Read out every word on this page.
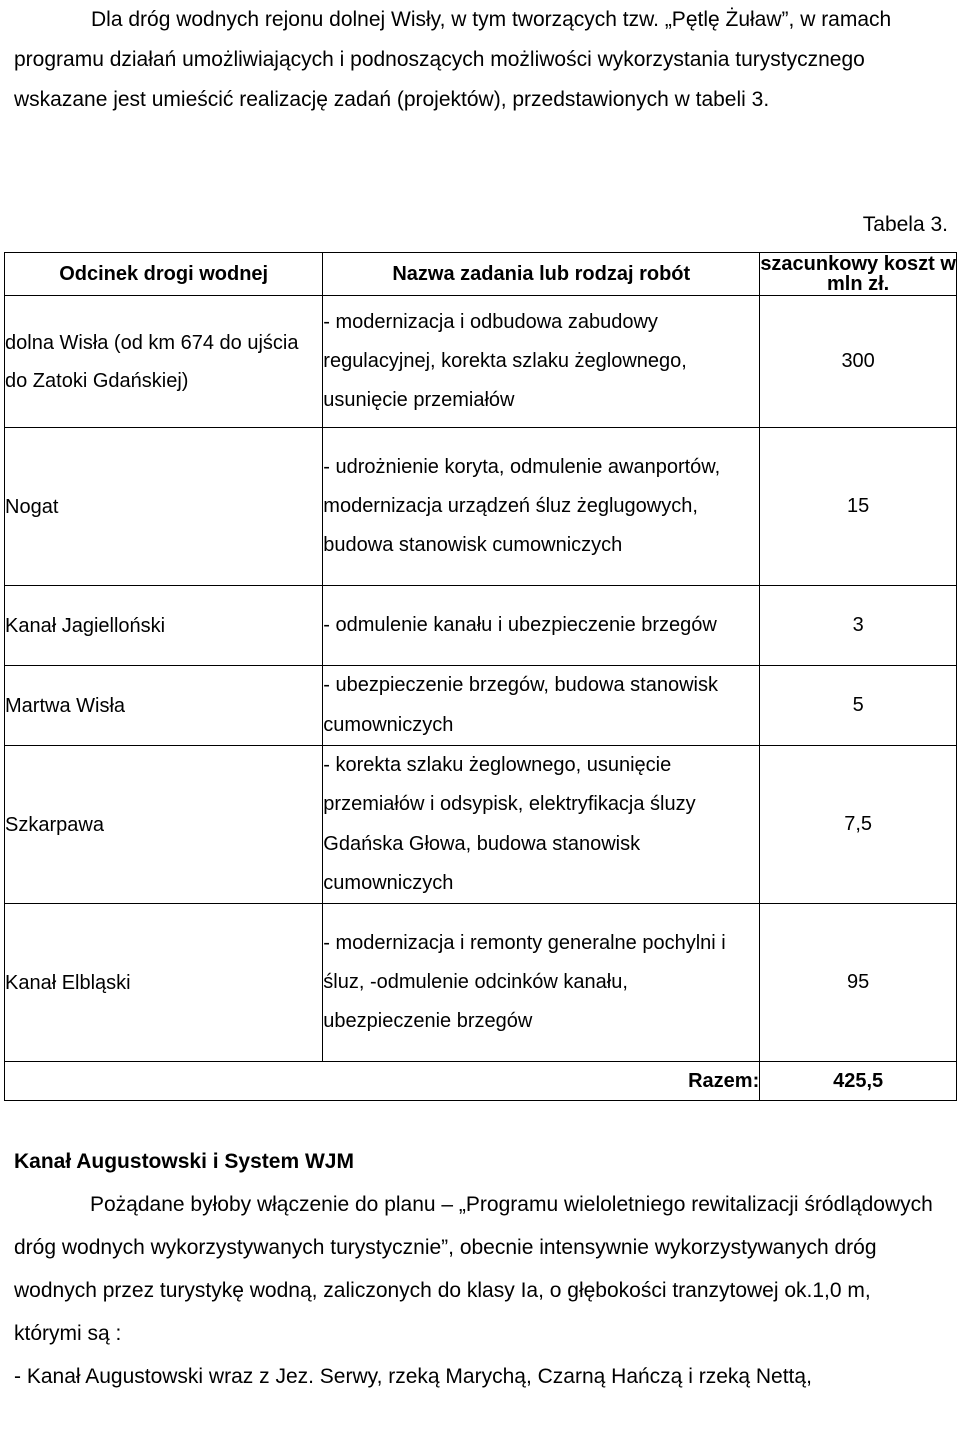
Dla dróg wodnych rejonu dolnej Wisły, w tym tworzących tzw. „Pętlę Żuław”, w ramach programu działań umożliwiających i podnoszących możliwości wykorzystania turystycznego wskazane jest umieścić realizację zadań (projektów), przedstawionych w tabeli 3.

Tabela 3.
Odcinek drogi wodnej	Nazwa zadania lub rodzaj robót	szacunkowy koszt w mln zł.
dolna Wisła (od km 674 do ujścia do Zatoki Gdańskiej)	- modernizacja i odbudowa zabudowy regulacyjnej, korekta szlaku żeglownego, usunięcie przemiałów	300
Nogat	- udrożnienie koryta, odmulenie awanportów, modernizacja urządzeń śluz żeglugowych, budowa stanowisk cumowniczych	15
Kanał Jagielloński	- odmulenie kanału i ubezpieczenie brzegów	3
Martwa Wisła	- ubezpieczenie brzegów, budowa stanowisk cumowniczych	5
Szkarpawa	- korekta szlaku żeglownego, usunięcie przemiałów i odsypisk, elektryfikacja śluzy Gdańska Głowa, budowa stanowisk cumowniczych	7,5
Kanał Elbląski	- modernizacja i remonty generalne pochylni i śluz, -odmulenie odcinków kanału, ubezpieczenie brzegów	95
	Razem:	425,5
Kanał Augustowski i System WJM
Pożądane byłoby włączenie do planu – „Programu wieloletniego rewitalizacji śródlądowych dróg wodnych wykorzystywanych turystycznie”, obecnie intensywnie wykorzystywanych dróg wodnych przez turystykę wodną, zaliczonych do klasy Ia, o głębokości tranzytowej ok.1,0 m, którymi są :
- Kanał Augustowski wraz z Jez. Serwy, rzeką Marychą, Czarną Hańczą i rzeką Nettą,
